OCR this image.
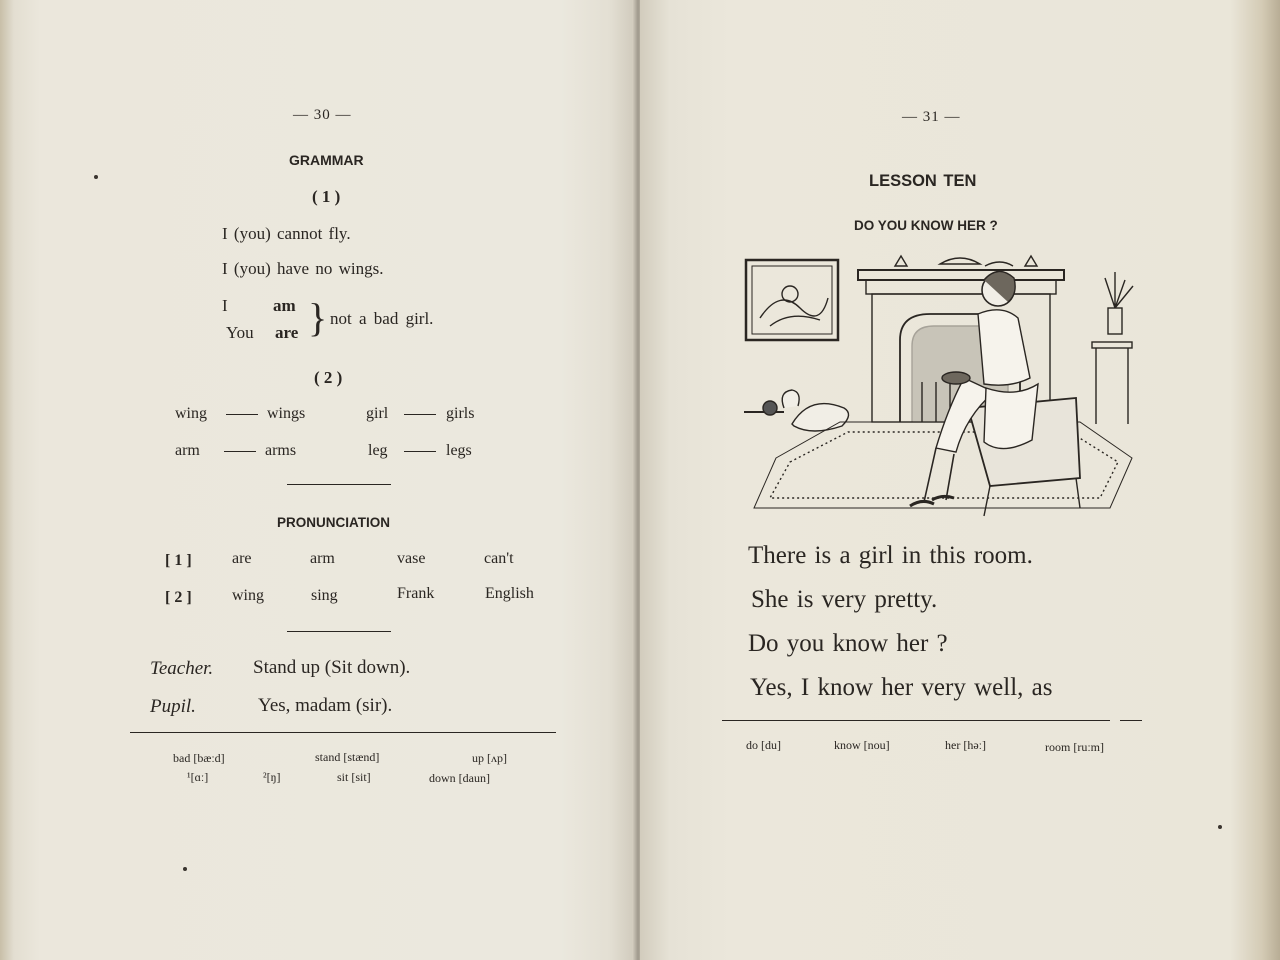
— 30 —
GRAMMAR
( 1 )
I (you) cannot fly.
I (you) have no wings.
I	am
You are } not a bad girl.
( 2 )
wing	wings	girl	girls
arm	arms	leg	legs
PRONUNCIATION
[ 1 ]	are	arm	vase	can't
[ 2 ]	wing	sing	Frank	English
Teacher. Stand up (Sit down).
Pupil.	Yes, madam (sir).
bad [bæːd]	stand [stænd]	up [ʌp]
¹[ɑː]	²[ŋ]	sit [sit]	down [daun]
— 31 —
LESSON TEN
DO YOU KNOW HER ?
There is a girl in this room.
She is very pretty.
Do you know her ?
Yes, I know her very well, as
do [du]	know [nou]	her [həː]	room [ruːm]
